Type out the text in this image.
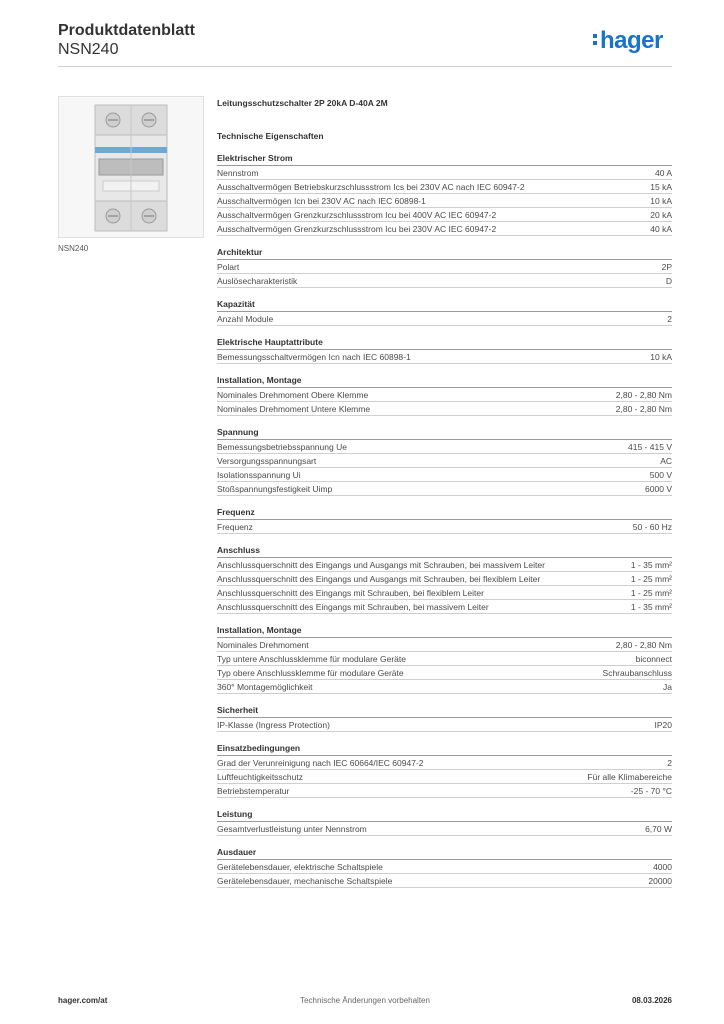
Produktdatenblatt
NSN240	hager
NSN240
Leitungsschutzschalter 2P 20kA D-40A 2M
Technische Eigenschaften
Elektrischer Strom
Nennstrom	40 A
Ausschaltvermögen Betriebskurzschlussstrom Ics bei 230V AC nach IEC 60947-2	15 kA
Ausschaltvermögen Icn bei 230V AC nach IEC 60898-1	10 kA
Ausschaltvermögen Grenzkurzschlussstrom Icu bei 400V AC IEC 60947-2	20 kA
Ausschaltvermögen Grenzkurzschlussstrom Icu bei 230V AC IEC 60947-2	40 kA
Architektur
Polart	2P
Auslösecharakteristik	D
Kapazität
Anzahl Module	2
Elektrische Hauptattribute
Bemessungsschaltvermögen Icn nach IEC 60898-1	10 kA
Installation, Montage
Nominales Drehmoment Obere Klemme	2,80 - 2,80 Nm
Nominales Drehmoment Untere Klemme	2,80 - 2,80 Nm
Spannung
Bemessungsbetriebsspannung Ue	415 - 415 V
Versorgungsspannungsart	AC
Isolationsspannung Ui	500 V
Stoßspannungsfestigkeit Uimp	6000 V
Frequenz
Frequenz	50 - 60 Hz
Anschluss
Anschlussquerschnitt des Eingangs und Ausgangs mit Schrauben, bei massivem Leiter	1 - 35 mm²
Anschlussquerschnitt des Eingangs und Ausgangs mit Schrauben, bei flexiblem Leiter	1 - 25 mm²
Anschlussquerschnitt des Eingangs mit Schrauben, bei flexiblem Leiter	1 - 25 mm²
Anschlussquerschnitt des Eingangs mit Schrauben, bei massivem Leiter	1 - 35 mm²
Installation, Montage
Nominales Drehmoment	2,80 - 2,80 Nm
Typ untere Anschlussklemme für modulare Geräte	biconnect
Typ obere Anschlussklemme für modulare Geräte	Schraubanschluss
360° Montagemöglichkeit	Ja
Sicherheit
IP-Klasse (Ingress Protection)	IP20
Einsatzbedingungen
Grad der Verunreinigung nach IEC 60664/IEC 60947-2	2
Luftfeuchtigkeitsschutz	Für alle Klimabereiche
Betriebstemperatur	-25 - 70 °C
Leistung
Gesamtverlustleistung unter Nennstrom	6,70 W
Ausdauer
Gerätelebensdauer, elektrische Schaltspiele	4000
Gerätelebensdauer, mechanische Schaltspiele	20000
hager.com/at	Technische Änderungen vorbehalten	08.03.2026
